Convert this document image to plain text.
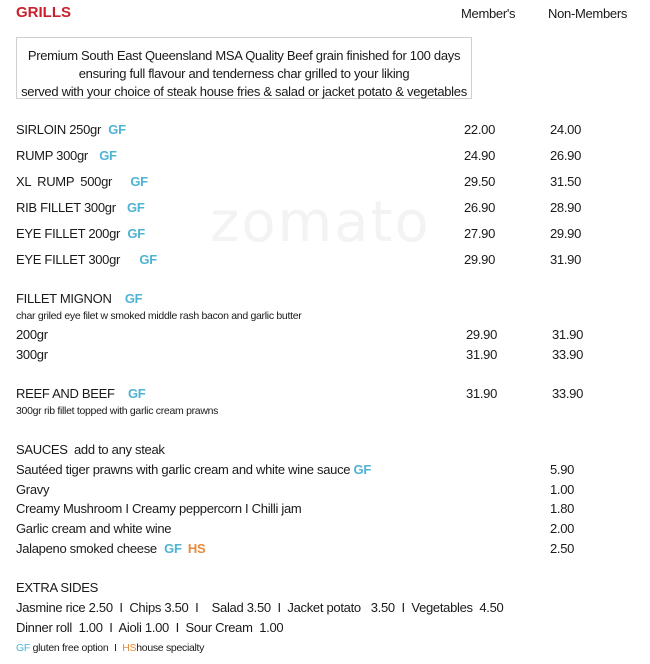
zomato
GRILLS	Member's	Non-Members
Premium South East Queensland MSA Quality Beef grain finished for 100 days
ensuring full flavour and tenderness char grilled to your liking
served with your choice of steak house fries & salad or jacket potato & vegetables
SIRLOIN 250gr GF	22.00	24.00
RUMP 300gr GF	24.90	26.90
XL RUMP 500gr GF	29.50	31.50
RIB FILLET 300gr GF	26.90	28.90
EYE FILLET 200gr GF	27.90	29.90
EYE FILLET 300gr GF	29.90	31.90
FILLET MIGNON GF
char griled eye filet w smoked middle rash bacon and garlic butter
200gr	29.90	31.90
300gr	31.90	33.90
REEF AND BEEF GF	31.90	33.90
300gr rib fillet topped with garlic cream prawns
SAUCES add to any steak
Sautéed tiger prawns with garlic cream and white wine sauce GF	5.90
Gravy	1.00
Creamy Mushroom I Creamy peppercorn I Chilli jam	1.80
Garlic cream and white wine	2.00
Jalapeno smoked cheese GF HS	2.50
EXTRA SIDES
Jasmine rice 2.50  I  Chips 3.50  I    Salad 3.50  I  Jacket potato   3.50  I  Vegetables  4.50
Dinner roll  1.00  I  Aioli 1.00  I  Sour Cream  1.00
GF gluten free option I HShouse specialty
